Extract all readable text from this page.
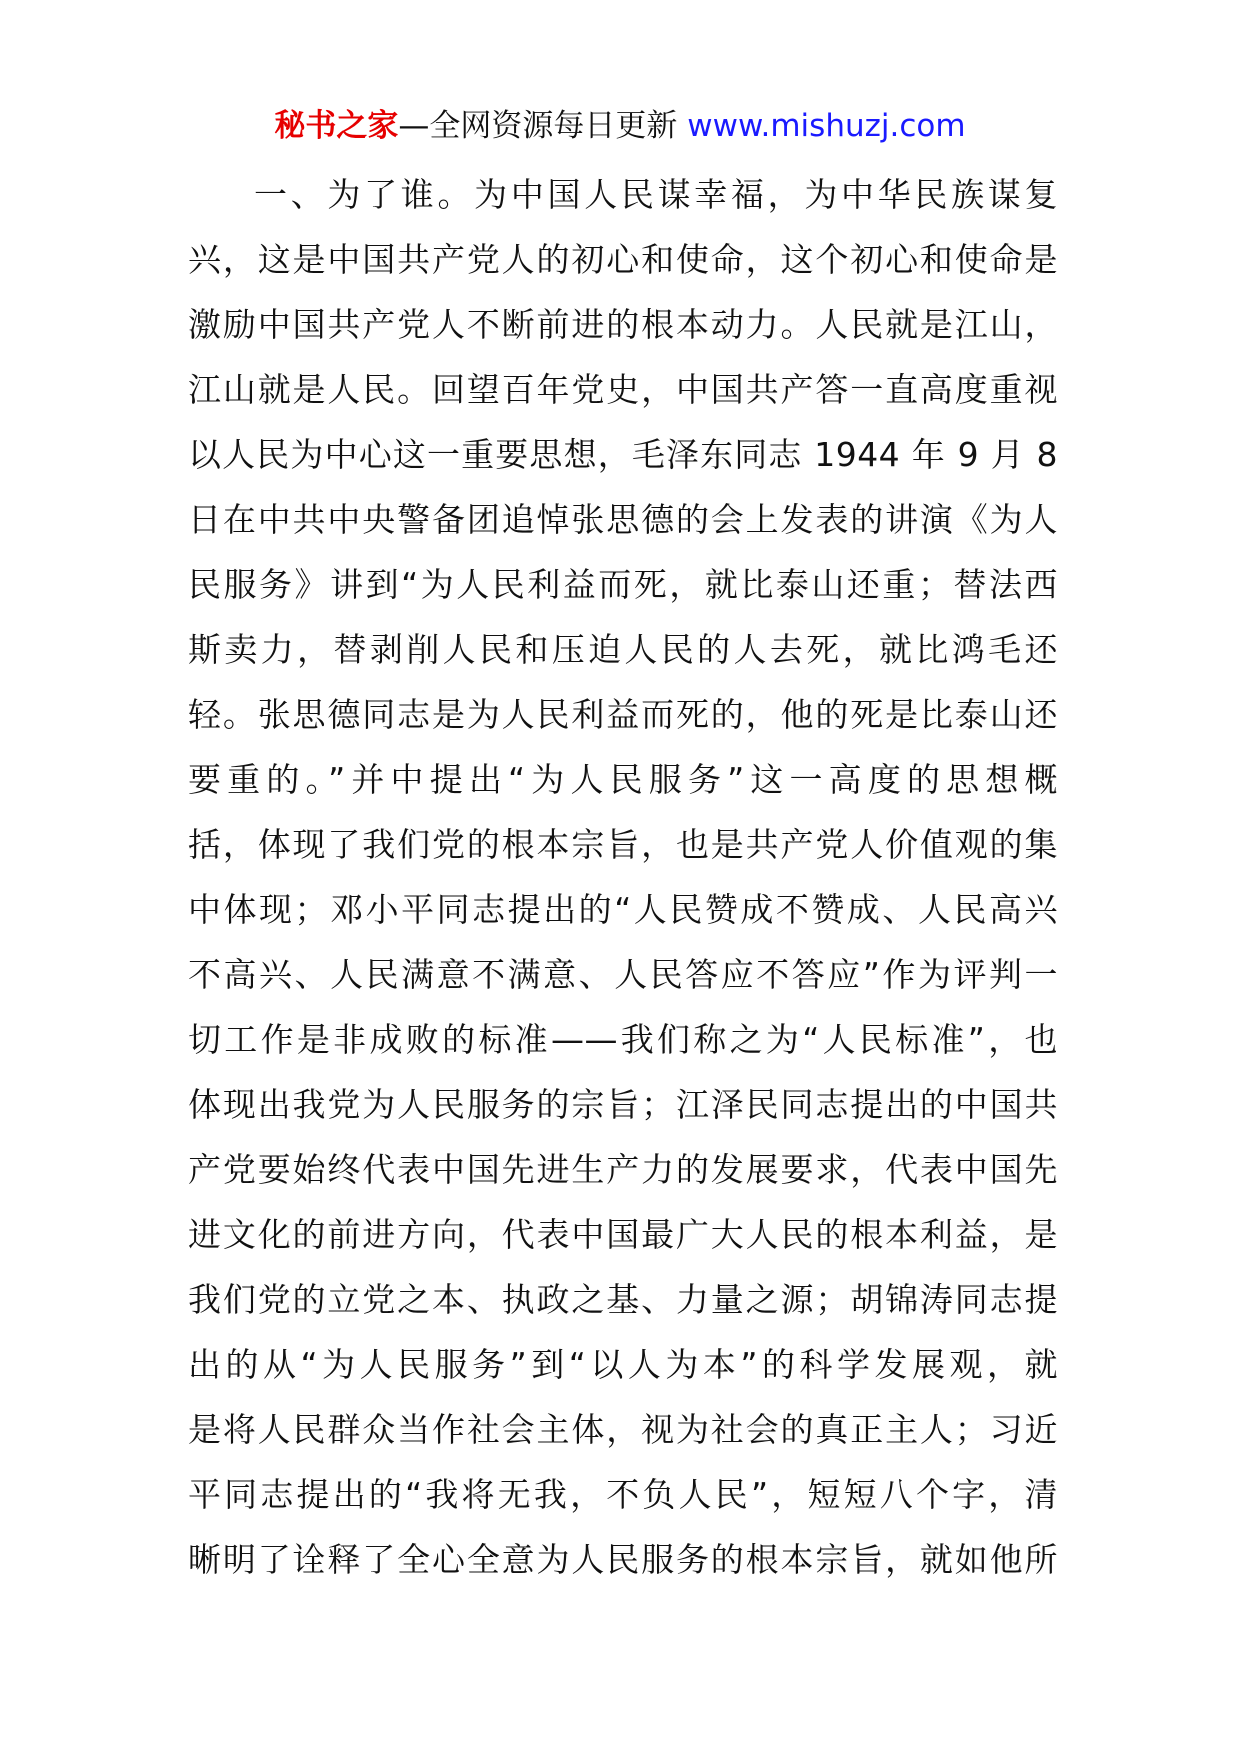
秘书之家—全网资源每日更新 www.mishuzj.com
一、为了谁。为中国人民谋幸福，为中华民族谋复
兴，这是中国共产党人的初心和使命，这个初心和使命是
激励中国共产党人不断前进的根本动力。人民就是江山，
江山就是人民。回望百年党史，中国共产答一直高度重视
以人民为中心这一重要思想，毛泽东同志 1944 年 9 月 8
日在中共中央警备团追悼张思德的会上发表的讲演《为人
民服务》讲到“为人民利益而死，就比泰山还重；替法西
斯卖力，替剥削人民和压迫人民的人去死，就比鸿毛还
轻。张思德同志是为人民利益而死的，他的死是比泰山还
要重的。”并中提出“为人民服务”这一高度的思想概
括，体现了我们党的根本宗旨，也是共产党人价值观的集
中体现；邓小平同志提出的“人民赞成不赞成、人民高兴
不高兴、人民满意不满意、人民答应不答应”作为评判一
切工作是非成败的标准——我们称之为“人民标准”，也
体现出我党为人民服务的宗旨；江泽民同志提出的中国共
产党要始终代表中国先进生产力的发展要求，代表中国先
进文化的前进方向，代表中国最广大人民的根本利益，是
我们党的立党之本、执政之基、力量之源；胡锦涛同志提
出的从“为人民服务”到“以人为本”的科学发展观，就
是将人民群众当作社会主体，视为社会的真正主人；习近
平同志提出的“我将无我，不负人民”，短短八个字，清
晰明了诠释了全心全意为人民服务的根本宗旨，就如他所
